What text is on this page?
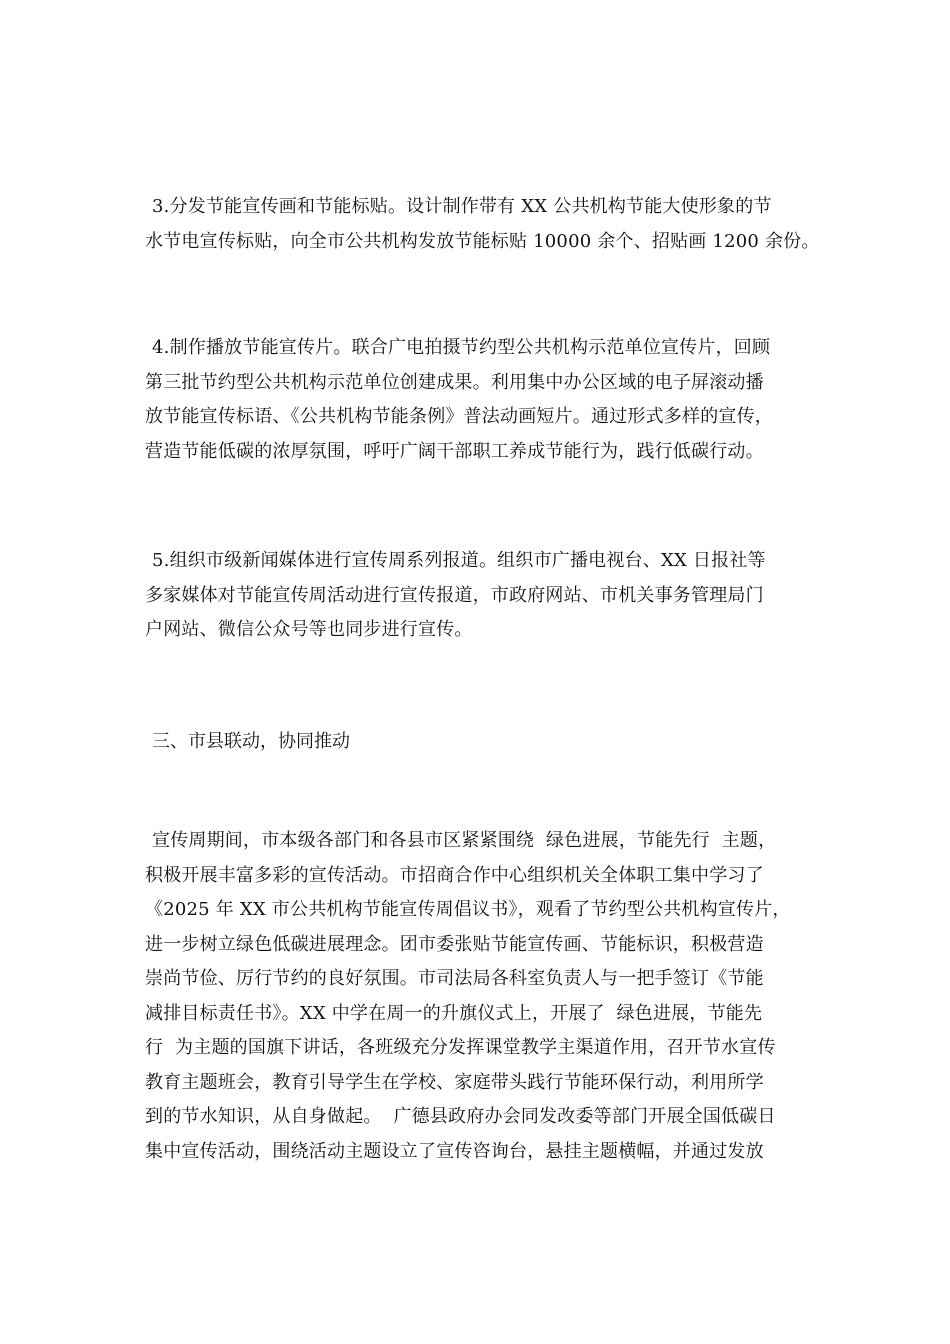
3.分发节能宣传画和节能标贴。设计制作带有 XX 公共机构节能大使形象的节
水节电宣传标贴，向全市公共机构发放节能标贴 10000 余个、招贴画 1200 余份。
4.制作播放节能宣传片。联合广电拍摄节约型公共机构示范单位宣传片，回顾
第三批节约型公共机构示范单位创建成果。利用集中办公区域的电子屏滚动播
放节能宣传标语、《公共机构节能条例》普法动画短片。通过形式多样的宣传，
营造节能低碳的浓厚氛围，呼吁广阔干部职工养成节能行为，践行低碳行动。
5.组织市级新闻媒体进行宣传周系列报道。组织市广播电视台、XX 日报社等
多家媒体对节能宣传周活动进行宣传报道，市政府网站、市机关事务管理局门
户网站、微信公众号等也同步进行宣传。
三、市县联动，协同推动
宣传周期间，市本级各部门和各县市区紧紧围绕  绿色进展，节能先行  主题，
积极开展丰富多彩的宣传活动。市招商合作中心组织机关全体职工集中学习了
《2025 年 XX 市公共机构节能宣传周倡议书》，观看了节约型公共机构宣传片，
进一步树立绿色低碳进展理念。团市委张贴节能宣传画、节能标识，积极营造
崇尚节俭、厉行节约的良好氛围。市司法局各科室负责人与一把手签订《节能
减排目标责任书》。XX 中学在周一的升旗仪式上，开展了  绿色进展，节能先
行  为主题的国旗下讲话，各班级充分发挥课堂教学主渠道作用，召开节水宣传
教育主题班会，教育引导学生在学校、家庭带头践行节能环保行动，利用所学
到的节水知识，从自身做起。  广德县政府办会同发改委等部门开展全国低碳日
集中宣传活动，围绕活动主题设立了宣传咨询台，悬挂主题横幅，并通过发放
